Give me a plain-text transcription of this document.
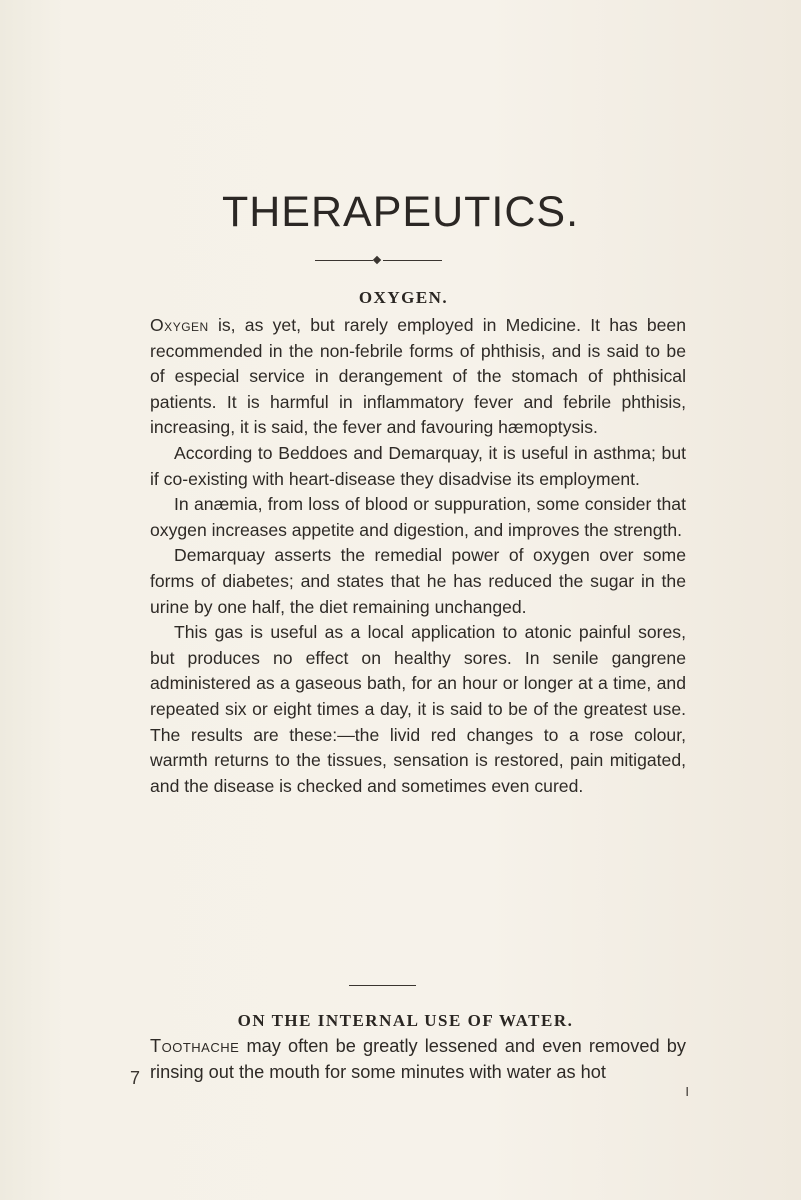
THERAPEUTICS.
OXYGEN.

Oxygen is, as yet, but rarely employed in Medicine. It has been recommended in the non-febrile forms of phthisis, and is said to be of especial service in derangement of the stomach of phthisical patients. It is harmful in inflammatory fever and febrile phthisis, increasing, it is said, the fever and favouring hæmoptysis.

According to Beddoes and Demarquay, it is useful in asthma; but if co-existing with heart-disease they disadvise its employment.

In anæmia, from loss of blood or suppuration, some consider that oxygen increases appetite and digestion, and improves the strength.

Demarquay asserts the remedial power of oxygen over some forms of diabetes; and states that he has reduced the sugar in the urine by one half, the diet remaining unchanged.

This gas is useful as a local application to atonic painful sores, but produces no effect on healthy sores. In senile gangrene administered as a gaseous bath, for an hour or longer at a time, and repeated six or eight times a day, it is said to be of the greatest use. The results are these:—the livid red changes to a rose colour, warmth returns to the tissues, sensation is restored, pain mitigated, and the disease is checked and sometimes even cured.

ON THE INTERNAL USE OF WATER.

Toothache may often be greatly lessened and even removed by rinsing out the mouth for some minutes with water as hot

7
I
